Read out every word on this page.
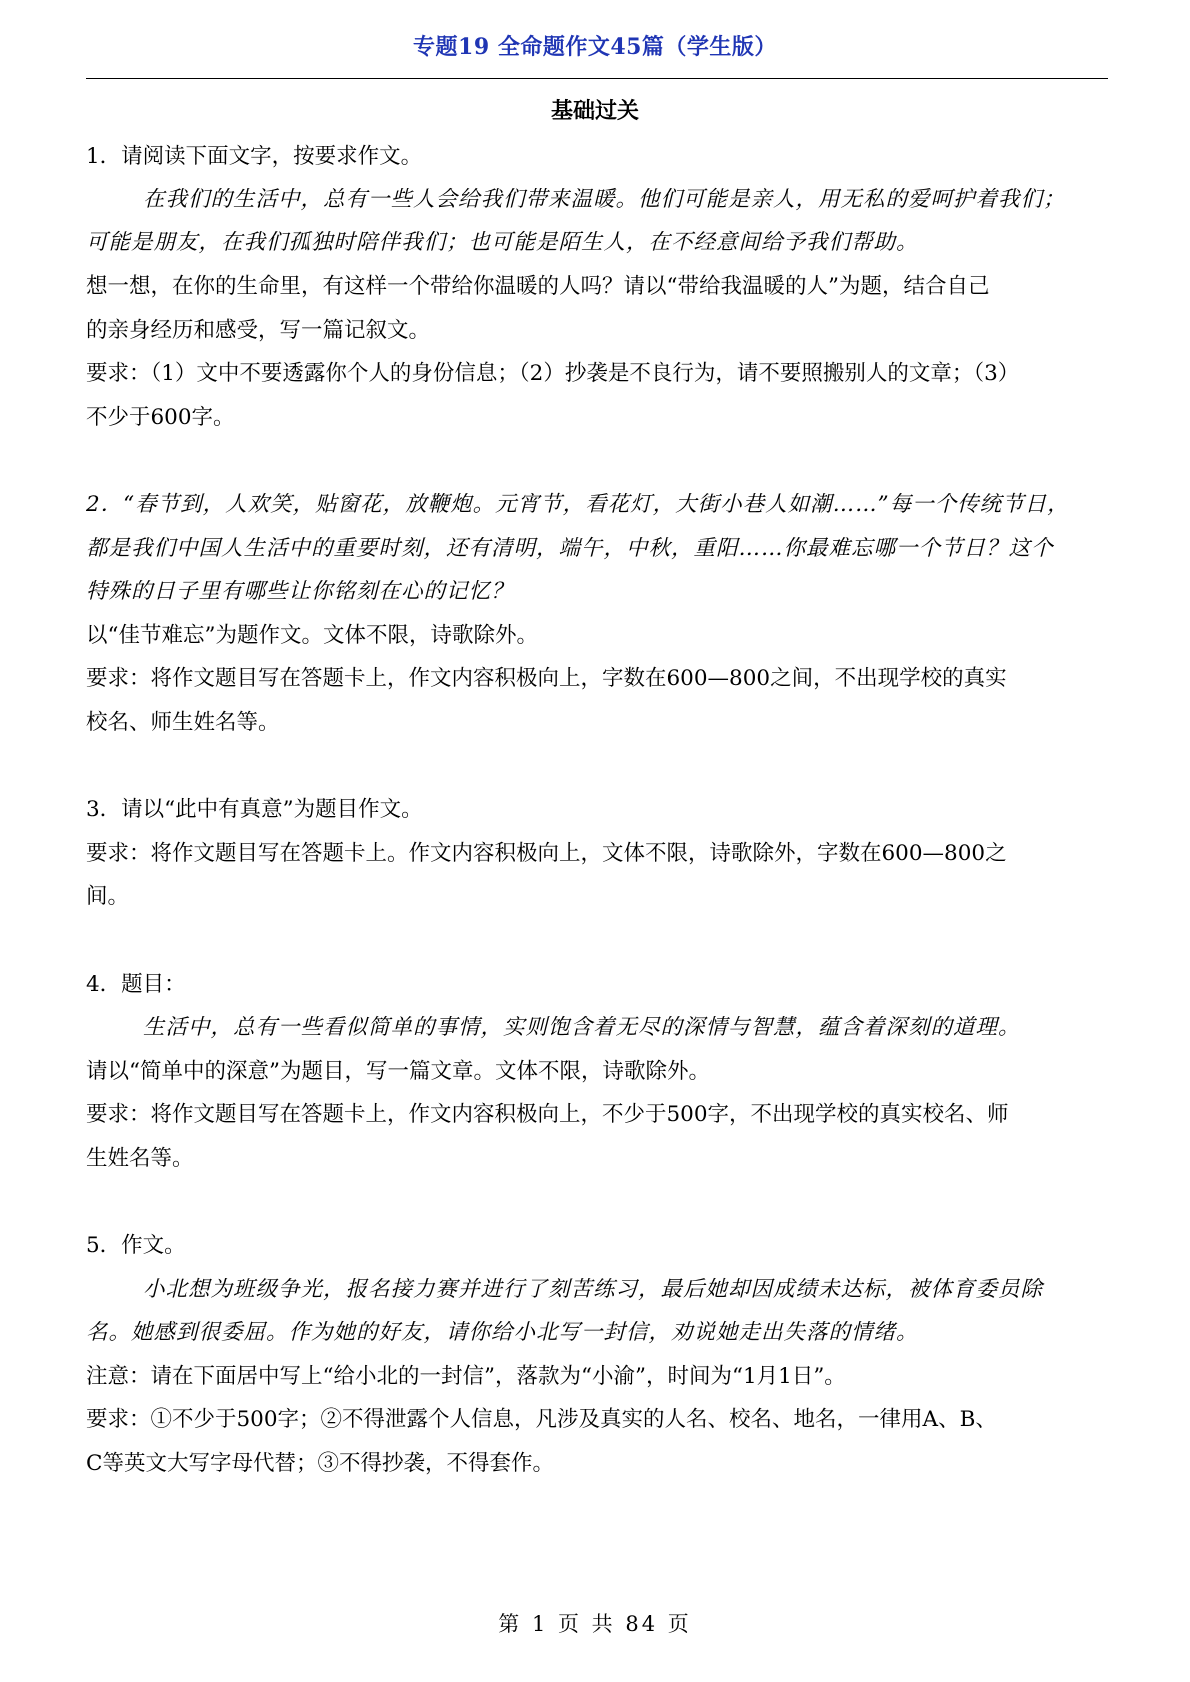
专题19 全命题作文45篇（学生版）
基础过关
1．请阅读下面文字，按要求作文。
在我们的生活中，总有一些人会给我们带来温暖。他们可能是亲人，用无私的爱呵护着我们；
可能是朋友，在我们孤独时陪伴我们；也可能是陌生人，在不经意间给予我们帮助。
想一想，在你的生命里，有这样一个带给你温暖的人吗？请以“带给我温暖的人”为题，结合自己
的亲身经历和感受，写一篇记叙文。
要求：（1）文中不要透露你个人的身份信息；（2）抄袭是不良行为，请不要照搬别人的文章；（3）
不少于600字。
2．“春节到，人欢笑，贴窗花，放鞭炮。元宵节，看花灯，大街小巷人如潮……”每一个传统节日，
都是我们中国人生活中的重要时刻，还有清明，端午，中秋，重阳……你最难忘哪一个节日？这个
特殊的日子里有哪些让你铭刻在心的记忆？
以“佳节难忘”为题作文。文体不限，诗歌除外。
要求：将作文题目写在答题卡上，作文内容积极向上，字数在600—800之间，不出现学校的真实
校名、师生姓名等。
3．请以“此中有真意”为题目作文。
要求：将作文题目写在答题卡上。作文内容积极向上，文体不限，诗歌除外，字数在600—800之
间。
4．题目：
生活中，总有一些看似简单的事情，实则饱含着无尽的深情与智慧，蕴含着深刻的道理。
请以“简单中的深意”为题目，写一篇文章。文体不限，诗歌除外。
要求：将作文题目写在答题卡上，作文内容积极向上，不少于500字，不出现学校的真实校名、师
生姓名等。
5．作文。
小北想为班级争光，报名接力赛并进行了刻苦练习，最后她却因成绩未达标，被体育委员除
名。她感到很委屈。作为她的好友，请你给小北写一封信，劝说她走出失落的情绪。
注意：请在下面居中写上“给小北的一封信”，落款为“小渝”，时间为“1月1日”。
要求：①不少于500字；②不得泄露个人信息，凡涉及真实的人名、校名、地名，一律用A、B、
C等英文大写字母代替；③不得抄袭，不得套作。
第 1 页 共 84 页
